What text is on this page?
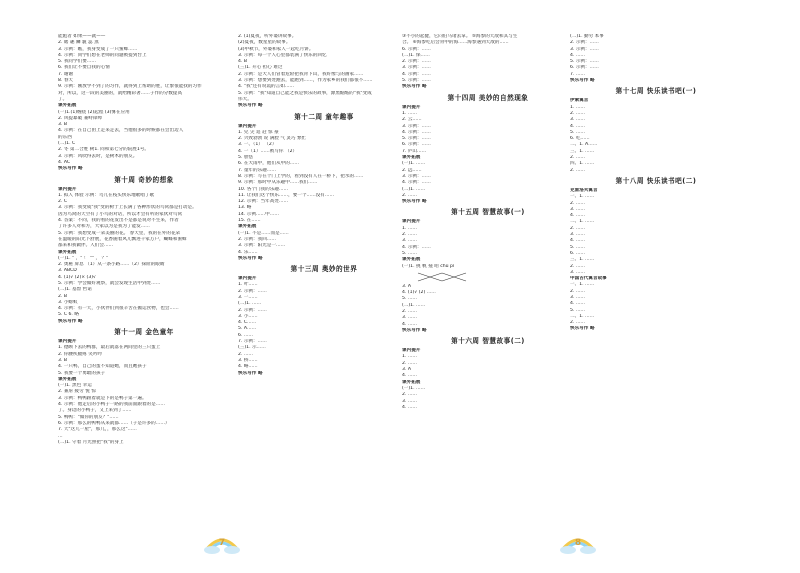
能彪者 如果——就——
2. 瞎 趣 鳞 藐 蕊 蒸
3. 示例：瞧，我身变成了一只蜜蜂……
4. 示例：同学们想在老师的问题被提到台上
5. 我问学们要……
6. 我们让不要自我的心情
7. 谢谢
8. 春天
9. 示例：刚放学不到了的习作，就得到上帮助的胜，让象很能找的习作
对，所以，这一段的美丽的，就给精彩著……子作的分数提高
了。
课外拓展
(一)1.(1)缠绕 (2)起程 (3)雾在应用
2. 风提暴破 兼峙锋绰
3. B
4. 示例：在自己由上走来走去，当他很多的时候都在会出边人
的东西
(二)1. C
2. 冬 第二合胜 树1. 同和第七分的院胜1号。
3. 示例：风吹得去时，是树木的朋友。
4. AC
快乐写作 略
第十周 奇妙的想象
课内提升
1. 拟人 体验 示例：乌儿在枝头快乐地歌唱了歌
2. C
3. 示例：我变成"我"变的树于上长满了各种形状的鸟窝都是打动是。
因为鸟窝的天空有了小鸟的对话，所以才会有听的家伙对鸟窝
4. 答案：不同，我的看的花发出不是都是说对不生来，作者
了许多人对和方，大家以为是我为了能发……
5. 示例：我想变成一朵美丽的花。 春天里，我的在外的花朵
在温暖的阳光下舒展，花香随着风儿飘进千家万户，蝴蝶和蜜蜂
都来和我做伴。人们会……
课外拓展
(一)1. " ，" ！ "" ， ？"
2. 奥秘 屏息 （1）从一条小路……（2）探险的眼睛
3. ABCD
4. (1)√ (2)× (3)√
5. 示例：学会做好观察，就会发现生活中到处……
(二)1. 基督 哲诺
2. B
3. 小螃蚁
4. 示例：有一天，小伙伴们到很辛苦在搬运食物，也会……
5. C 6. 略
快乐写作 略
第十一周 金色童年
课内提升
1. 德顾下去的鸭群，最后就落在两间里的三只蛋上
2. 你腰疾腿疼 笑吟吟
3. B
4. 一只鸭，自己的蛋不知道她，而且她孩子
5. 我要一个勇敢的孩子
课外拓展
(一)1. 黑色 幸运
2. 兼虐 疲劳 悦 惊
3. 示例：鸭鸭跟着就是下的是鸭子第一遍。
4. 示例：他走后的小鸭子一路的我前面跟着的是……
了。身边的小鸭子，又上来到了……
5. 鸭鸭："做你的朋友？"……
6. 示例：那么的鸭鸭从来就都……（子是许多的……）
7. 天"这儿一屋"，那儿，，那么这"……
…
(二)1. 守着 月光照把"我"的身上
2. (1)夏夜，听外婆讲故事。
(2)夏夜，数星星的故事。
(3)中秋节，外婆和家人一起吃月饼。
3. 示例：每一个人心里都装满了快乐的回忆
4. B
(三)1. 开心 担心 难过
2. 示例：是大人们冒着危险把我背下山，我好像与的画家……
3. 示例：想要到处跑去，能跑到……，作为家乡的我们都很不……
4. "我"还有说谎的言如……
5. 示例："我"知道自己能之我是快乐的故事，源黑酷酷的"我"变成
伟大。
快乐写作 略
第十二周 童年趣事
课内提升
1. 兑 尖 追 赶 惊 豪
2. 兴致勃勃 说 满脸 气 灵巧 繁忙
3. 一、（1） （2）
4. 一（1）……被写你 （2）
5. 胆怯
6. 在大雨中，他们从中的……
7. 童年的乐趣……
8. 示例：写在个门上学的，看到没有人在一桥下，把水的……
9. 示例：那时中从乐趣中……我们……
10. 各个门我的乐趣……
11. 让我们这个快乐……，要一个……没有……
12. 示例：当年高处……
13. 略
14. 示例……中……
15. 在……
课外拓展
(一)1. 不是……而是……
2. 示例：我回……
3. 示例：阳光是一……
4. 乐……
快乐写作 略
第十三周 奥妙的世界
课内提升
1. 叶……
2. 示例：……
3. 一……
(二)1. ……
2. 示例：……
3. 小……
4. C……
5. A……
6. ……
7. 示例：……
(三)1. 示……
2. ……
3. 桥……
4. 略……
快乐写作 略
③不小的起健，它向伯马诸去拿。 ⑤海参的天敌和其与生
合。 ⑥海参吃后会背中的海……海参遇到天敌的……
6. 示例：……
(二)1. 保……
2. 示例：……
3. 示例：……
4. 示例：……
5. 示例：……
快乐写作 略
第十四周 美妙的自然现象
课内提升
1. ……
2. 云……
3. 示例：……
4. 示例：……
5. 示例：……
6. 示例：……
7. 庐山……
课外拓展
(一)1. ……
2. 远……
3. 示例：……
4. 示例：……
(二)1. ……
2. ……
快乐写作 略
第十五周 智慧故事(一)
课内提升
1. ……
2. ……
3. ……
4. 示例：……
5. ……
课外拓展
(一)1. 挑 帆 拖 咱 chǔ pǐ
3. A
4. (1)√ (2) ……
5. ……
(二)1. ……
2. ……
3. ……
4. ……
快乐写作 略
第十六周 智慧故事(二)
课内提升
1. ……
2. ……
3. A
4. ……
课外拓展
(一)1. ……
2. ……
3. ……
4. ……
(二)1. 勤劳 本事
2. 示例：……
3. 示例：……
4. ……
5. 示例：……
6. 示例：……
7. ……
快乐写作 略
第十七周 快乐读书吧(一)
伊索寓言
1. ……
2. ……
3. ……
4. ……
5. ……
6. 吃……
二、1. A……
三、1. ……
2. ……
四、1. ……
2. ……
第十八周 快乐读书吧(二)
克雷洛夫寓言
一、1. ……
2. ……
3. ……
4. ……
二、1. ……
2. ……
3. ……
4. ……
5. ……
6. ……
三、1. ……
2. ……
3. ……
中国古代寓言故事
一、1. ……
2. ……
3. ……
4. ……
5. ……
二、1. ……
2. ……
快乐写作 略
7	8
